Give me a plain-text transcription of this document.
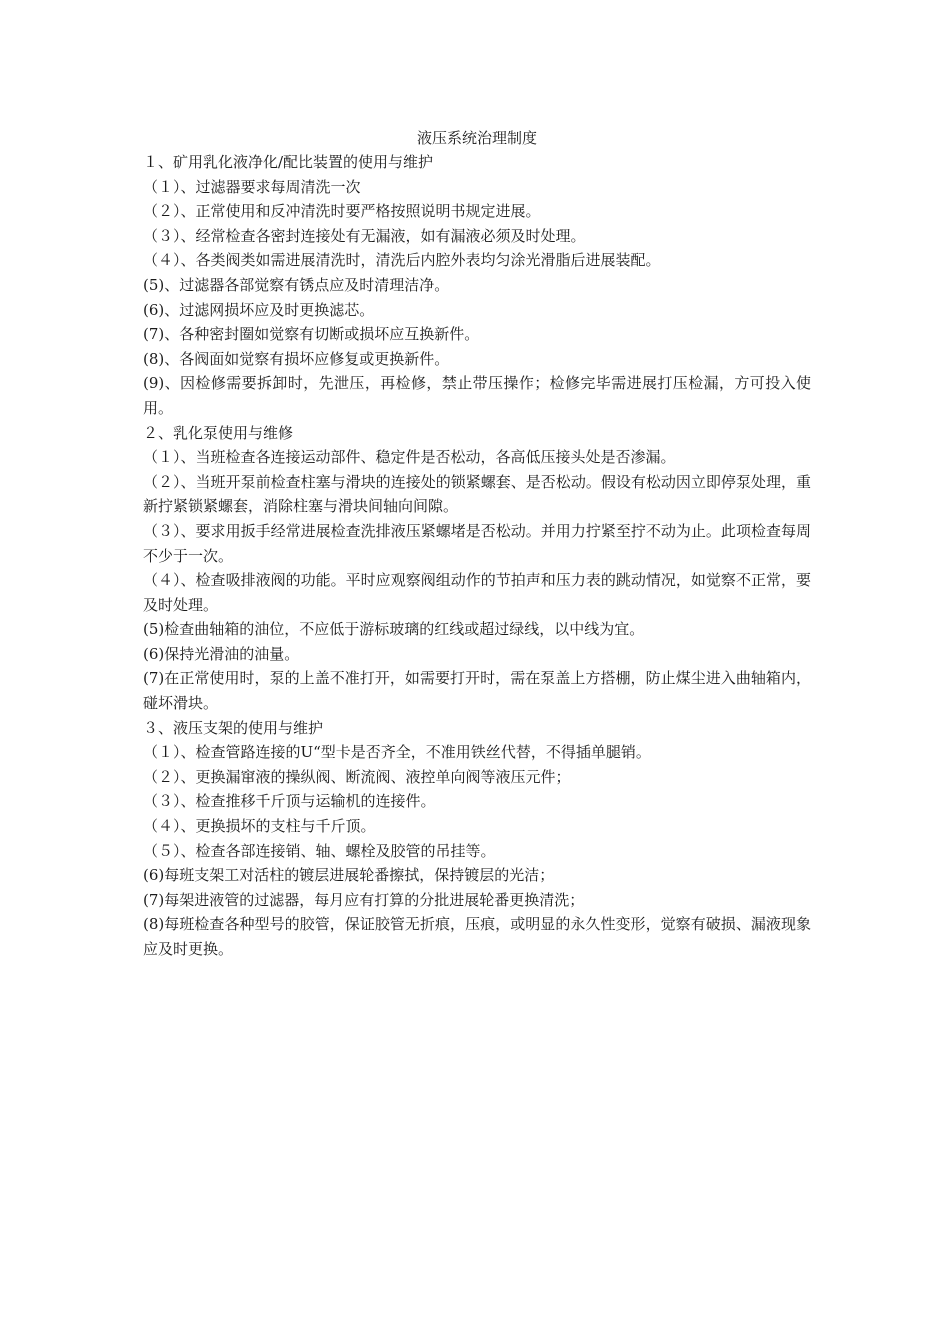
液压系统治理制度

１、矿用乳化液净化/配比装置的使用与维护

（１）、过滤器要求每周清洗一次

（２）、正常使用和反冲清洗时要严格按照说明书规定进展。

（３）、经常检查各密封连接处有无漏液，如有漏液必须及时处理。

（４）、各类阀类如需进展清洗时，清洗后内腔外表均匀涂光滑脂后进展装配。

(5)、过滤器各部觉察有锈点应及时清理洁净。

(6)、过滤网损坏应及时更换滤芯。

(7)、各种密封圈如觉察有切断或损坏应互换新件。

(8)、各阀面如觉察有损坏应修复或更换新件。

(9)、因检修需要拆卸时，先泄压，再检修，禁止带压操作；检修完毕需进展打压检漏，方可投入使用。

２、乳化泵使用与维修

（１）、当班检查各连接运动部件、稳定件是否松动，各高低压接头处是否渗漏。

（２）、当班开泵前检查柱塞与滑块的连接处的锁紧螺套、是否松动。假设有松动因立即停泵处理，重新拧紧锁紧螺套，消除柱塞与滑块间轴向间隙。

（３）、要求用扳手经常进展检查洗排液压紧螺堵是否松动。并用力拧紧至拧不动为止。此项检查每周不少于一次。

（４）、检查吸排液阀的功能。平时应观察阀组动作的节拍声和压力表的跳动情况，如觉察不正常，要及时处理。

(5)检查曲轴箱的油位，不应低于游标玻璃的红线或超过绿线，以中线为宜。

(6)保持光滑油的油量。

(7)在正常使用时，泵的上盖不准打开，如需要打开时，需在泵盖上方搭棚，防止煤尘进入曲轴箱内，碰坏滑块。

３、液压支架的使用与维护

（１）、检查管路连接的U“型卡是否齐全，不准用铁丝代替，不得插单腿销。

（２）、更换漏窜液的操纵阀、断流阀、液控单向阀等液压元件；

（３）、检查推移千斤顶与运输机的连接件。

（４）、更换损坏的支柱与千斤顶。

（５）、检查各部连接销、轴、螺栓及胶管的吊挂等。

(6)每班支架工对活柱的镀层进展轮番擦拭，保持镀层的光洁；

(7)每架进液管的过滤器，每月应有打算的分批进展轮番更换清洗；

(8)每班检查各种型号的胶管，保证胶管无折痕，压痕，或明显的永久性变形，觉察有破损、漏液现象应及时更换。
